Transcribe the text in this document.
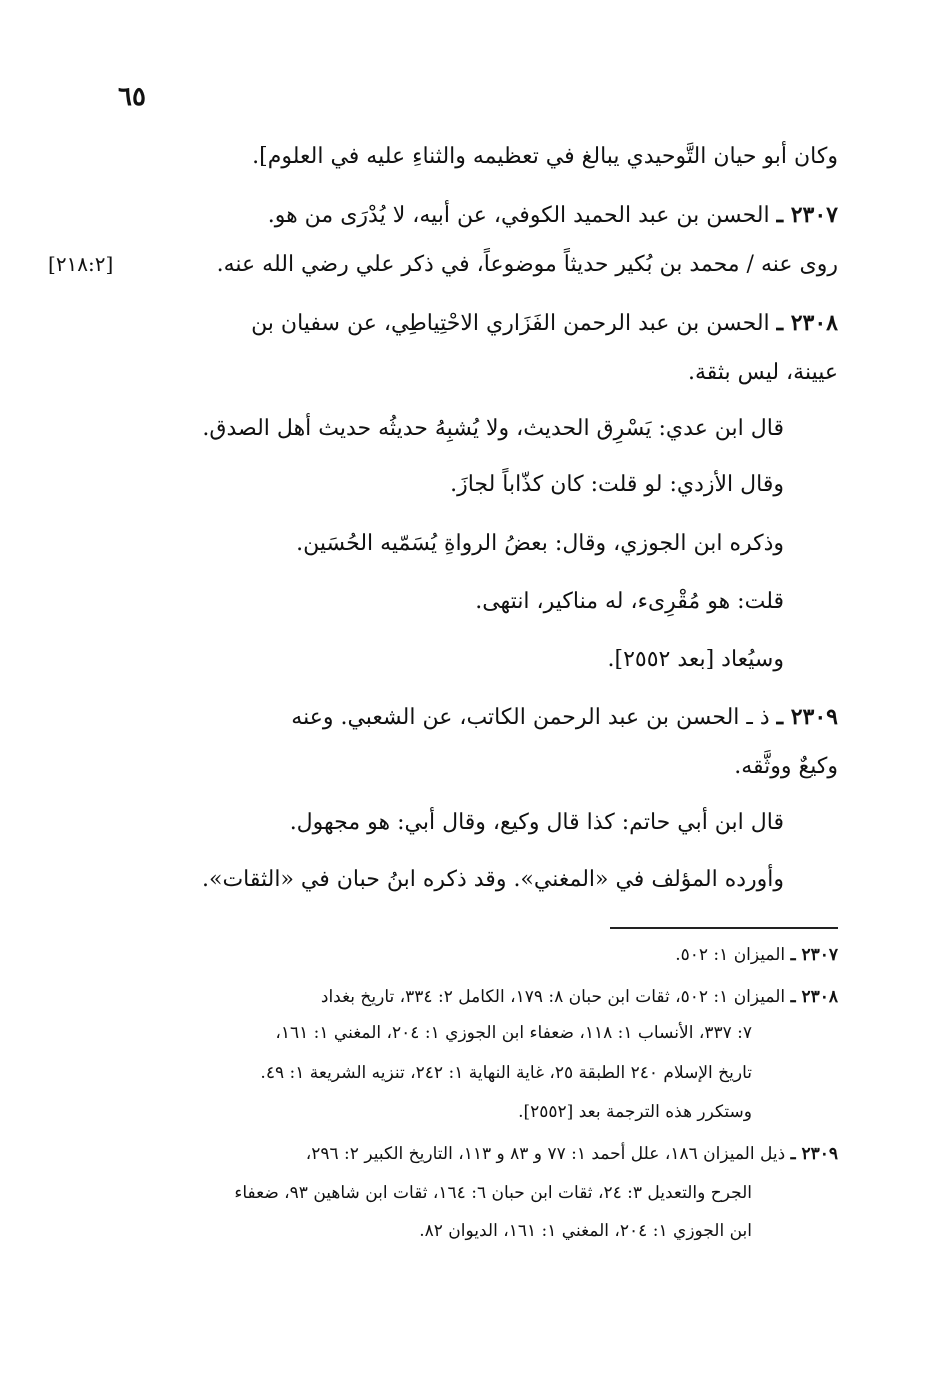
٦٥
وكان أبو حيان التَّوحيدي يبالغ في تعظيمه والثناءِ عليه في العلوم].
٢٣٠٧ ـ الحسن بن عبد الحميد الكوفي، عن أبيه، لا يُدْرَى من هو.
روى عنه / محمد بن بُكير حديثاً موضوعاً، في ذكر علي رضي الله عنه.
[٢١٨:٢]
٢٣٠٨ ـ الحسن بن عبد الرحمن الفَزَاري الاحْتِياطِي، عن سفيان بن
عيينة، ليس بثقة.
قال ابن عدي: يَسْرِق الحديث، ولا يُشبِهُ حديثُه حديث أهل الصدق.
وقال الأزدي: لو قلت: كان كذّاباً لجازَ.
وذكره ابن الجوزي، وقال: بعضُ الرواةِ يُسَمّيه الحُسَين.
قلت: هو مُقْرِىء، له مناكير، انتهى.
وسيُعاد [بعد ٢٥٥٢].
٢٣٠٩ ـ ذ ـ الحسن بن عبد الرحمن الكاتب، عن الشعبي. وعنه
وكيعٌ ووثَّقه.
قال ابن أبي حاتم: كذا قال وكيع، وقال أبي: هو مجهول.
وأورده المؤلف في «المغني». وقد ذكره ابنُ حبان في «الثقات».
٢٣٠٧ ـ الميزان ١: ٥٠٢.
٢٣٠٨ ـ الميزان ١: ٥٠٢، ثقات ابن حبان ٨: ١٧٩، الكامل ٢: ٣٣٤، تاريخ بغداد
٧: ٣٣٧، الأنساب ١: ١١٨، ضعفاء ابن الجوزي ١: ٢٠٤، المغني ١: ١٦١،
تاريخ الإسلام ٢٤٠ الطبقة ٢٥، غاية النهاية ١: ٢٤٢، تنزيه الشريعة ١: ٤٩.
وستكرر هذه الترجمة بعد [٢٥٥٢].
٢٣٠٩ ـ ذيل الميزان ١٨٦، علل أحمد ١: ٧٧ و ٨٣ و ١١٣، التاريخ الكبير ٢: ٢٩٦،
الجرح والتعديل ٣: ٢٤، ثقات ابن حبان ٦: ١٦٤، ثقات ابن شاهين ٩٣، ضعفاء
ابن الجوزي ١: ٢٠٤، المغني ١: ١٦١، الديوان ٨٢.
